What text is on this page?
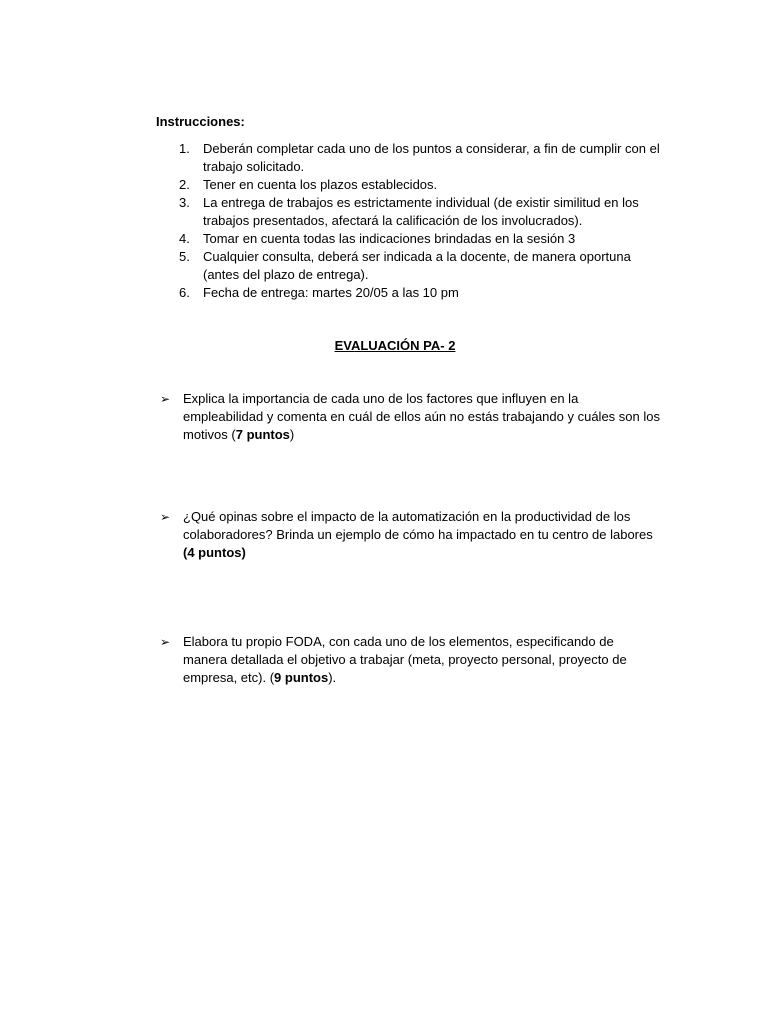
Instrucciones:
1. Deberán completar cada uno de los puntos a considerar, a fin de cumplir con el trabajo solicitado.
2. Tener en cuenta los plazos establecidos.
3. La entrega de trabajos es estrictamente individual (de existir similitud en los trabajos presentados, afectará la calificación de los involucrados).
4. Tomar en cuenta todas las indicaciones brindadas en la sesión 3
5. Cualquier consulta, deberá ser indicada a la docente, de manera oportuna (antes del plazo de entrega).
6. Fecha de entrega: martes 20/05 a las 10 pm
EVALUACIÓN PA- 2
➢ Explica la importancia de cada uno de los factores que influyen en la empleabilidad y comenta en cuál de ellos aún no estás trabajando y cuáles son los motivos (7 puntos)
➢ ¿Qué opinas sobre el impacto de la automatización en la productividad de los colaboradores? Brinda un ejemplo de cómo ha impactado en tu centro de labores (4 puntos)
➢ Elabora tu propio FODA, con cada uno de los elementos, especificando de manera detallada el objetivo a trabajar (meta, proyecto personal, proyecto de empresa, etc). (9 puntos).
